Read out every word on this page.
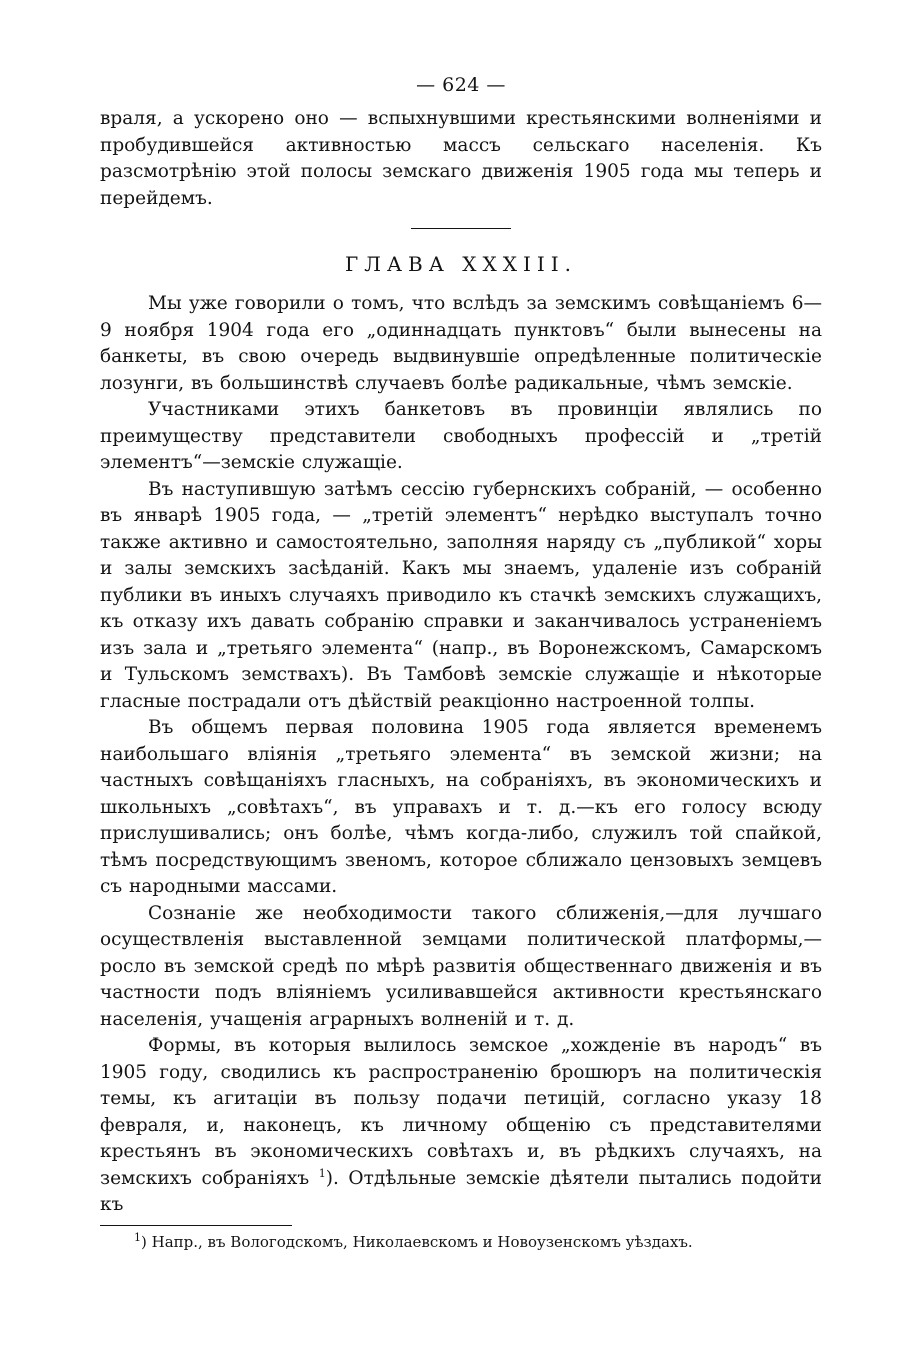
— 624 —

враля, а ускорено оно — вспыхнувшими крестьянскими волненіями и пробудившейся активностью массъ сельскаго населенія. Къ разсмотрѣнію этой полосы земскаго движенія 1905 года мы теперь и перейдемъ.

ГЛАВА XXXIII.

Мы уже говорили о томъ, что вслѣдъ за земскимъ совѣщаніемъ 6—9 ноября 1904 года его „одиннадцать пунктовъ“ были вынесены на банкеты, въ свою очередь выдвинувшіе опредѣленные политическіе лозунги, въ большинствѣ случаевъ болѣе радикальные, чѣмъ земскіе.

Участниками этихъ банкетовъ въ провинціи являлись по преимуществу представители свободныхъ профессій и „третій элементъ“—земскіе служащіе.

Въ наступившую затѣмъ сессію губернскихъ собраній, — особенно въ январѣ 1905 года, — „третій элементъ“ нерѣдко выступалъ точно также активно и самостоятельно, заполняя наряду съ „публикой“ хоры и залы земскихъ засѣданій. Какъ мы знаемъ, удаленіе изъ собраній публики въ иныхъ случаяхъ приводило къ стачкѣ земскихъ служащихъ, къ отказу ихъ давать собранію справки и заканчивалось устраненіемъ изъ зала и „третьяго элемента“ (напр., въ Воронежскомъ, Самарскомъ и Тульскомъ земствахъ). Въ Тамбовѣ земскіе служащіе и нѣкоторые гласные пострадали отъ дѣйствій реакціонно настроенной толпы.

Въ общемъ первая половина 1905 года является временемъ наибольшаго вліянія „третьяго элемента“ въ земской жизни; на частныхъ совѣщаніяхъ гласныхъ, на собраніяхъ, въ экономическихъ и школьныхъ „совѣтахъ“, въ управахъ и т. д.—къ его голосу всюду прислушивались; онъ болѣе, чѣмъ когда-либо, служилъ той спайкой, тѣмъ посредствующимъ звеномъ, которое сближало цензовыхъ земцевъ съ народными массами.

Сознаніе же необходимости такого сближенія,—для лучшаго осуществленія выставленной земцами политической платформы,—росло въ земской средѣ по мѣрѣ развитія общественнаго движенія и въ частности подъ вліяніемъ усиливавшейся активности крестьянскаго населенія, учащенія аграрныхъ волненій и т. д.

Формы, въ которыя вылилось земское „хожденіе въ народъ“ въ 1905 году, сводились къ распространенію брошюръ на политическія темы, къ агитаціи въ пользу подачи петицій, согласно указу 18 февраля, и, наконецъ, къ личному общенію съ представителями крестьянъ въ экономическихъ совѣтахъ и, въ рѣдкихъ случаяхъ, на земскихъ собраніяхъ $^1$). Отдѣльные земскіе дѣятели пытались подойти къ

$^1$) Напр., въ Вологодскомъ, Николаевскомъ и Новоузенскомъ уѣздахъ.
